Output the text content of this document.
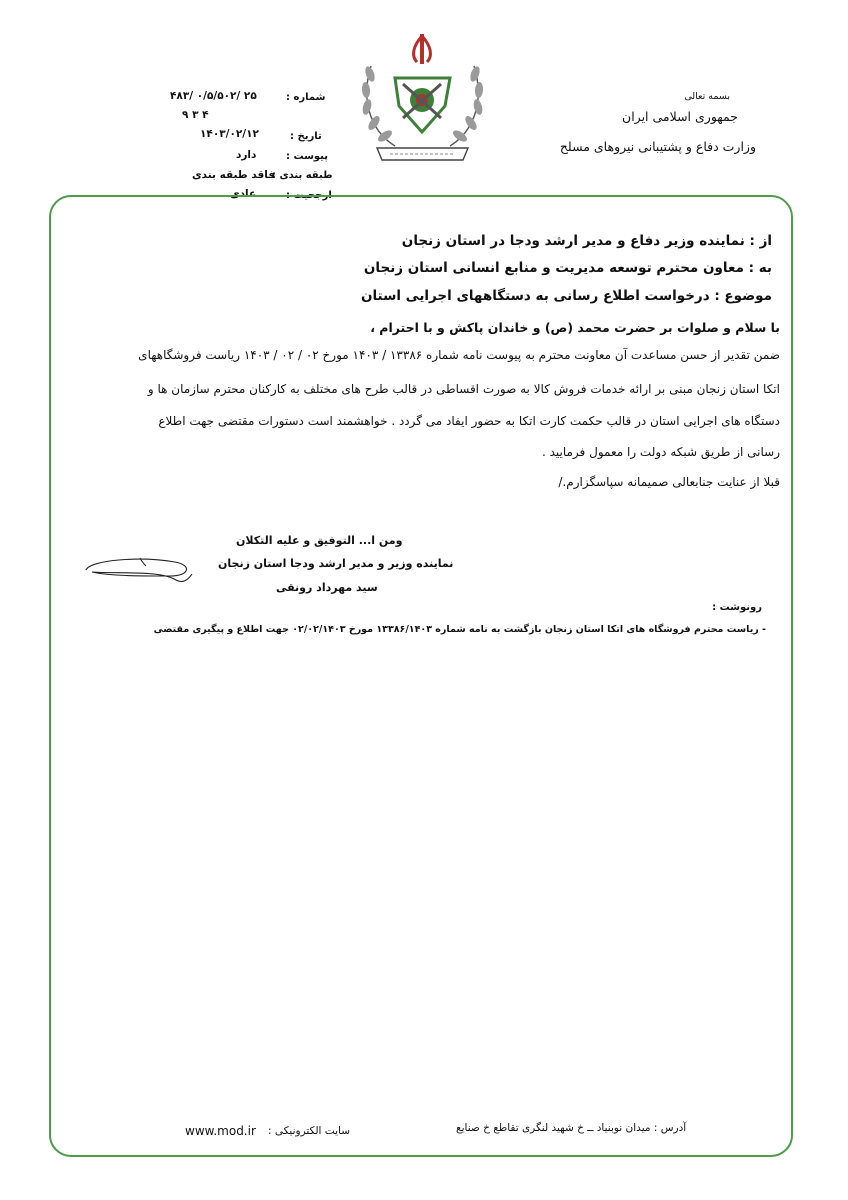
بسمه تعالی
جمهوری اسلامی ایران
وزارت دفاع و پشتیبانی نیروهای مسلح
شماره :
۴۸۳/ ۰/۵/۵۰۲/ ۲۵
۹ ۳ ۴
تاریخ :
۱۴۰۳/۰۲/۱۲
پیوست :
دارد
طبقه بندی :
فاقد طبقه بندی
ارجحیت :
عادی
از : نماینده وزیر دفاع و مدیر ارشد ودجا در استان زنجان
به : معاون محترم توسعه مدیریت و منابع انسانی استان زنجان
موضوع : درخواست اطلاع رسانی به دستگاههای اجرایی استان
با سلام و صلوات بر حضرت محمد (ص) و خاندان پاکش و با احترام ،
ضمن تقدیر از حسن مساعدت آن معاونت محترم به پیوست نامه شماره ۱۳۳۸۶ / ۱۴۰۳ مورخ ۰۲ / ۰۲ / ۱۴۰۳ ریاست فروشگاههای
اتکا استان زنجان مبنی بر ارائه خدمات فروش کالا به صورت اقساطی در قالب طرح های مختلف به کارکنان محترم سازمان ها و
دستگاه های اجرایی استان در قالب حکمت کارت اتکا به حضور ایفاد می گردد . خواهشمند است دستورات مقتضی جهت اطلاع
رسانی از طریق شبکه دولت را معمول فرمایید .
قبلا از عنایت جنابعالی صمیمانه سپاسگزارم./
ومن ا... التوفیق و علیه التکلان
نماینده وزیر و مدیر ارشد ودجا استان زنجان
سید مهرداد رونقی
رونوشت :
- ریاست محترم فروشگاه های اتکا استان زنجان بازگشت به نامه شماره ۱۳۳۸۶/۱۴۰۳ مورخ ۰۲/۰۲/۱۴۰۳ جهت اطلاع و پیگیری مقتضی
آدرس : میدان نوبنیاد ــ خ شهید لنگری تقاطع خ صنایع
سایت الکترونیکی :
www.mod.ir
